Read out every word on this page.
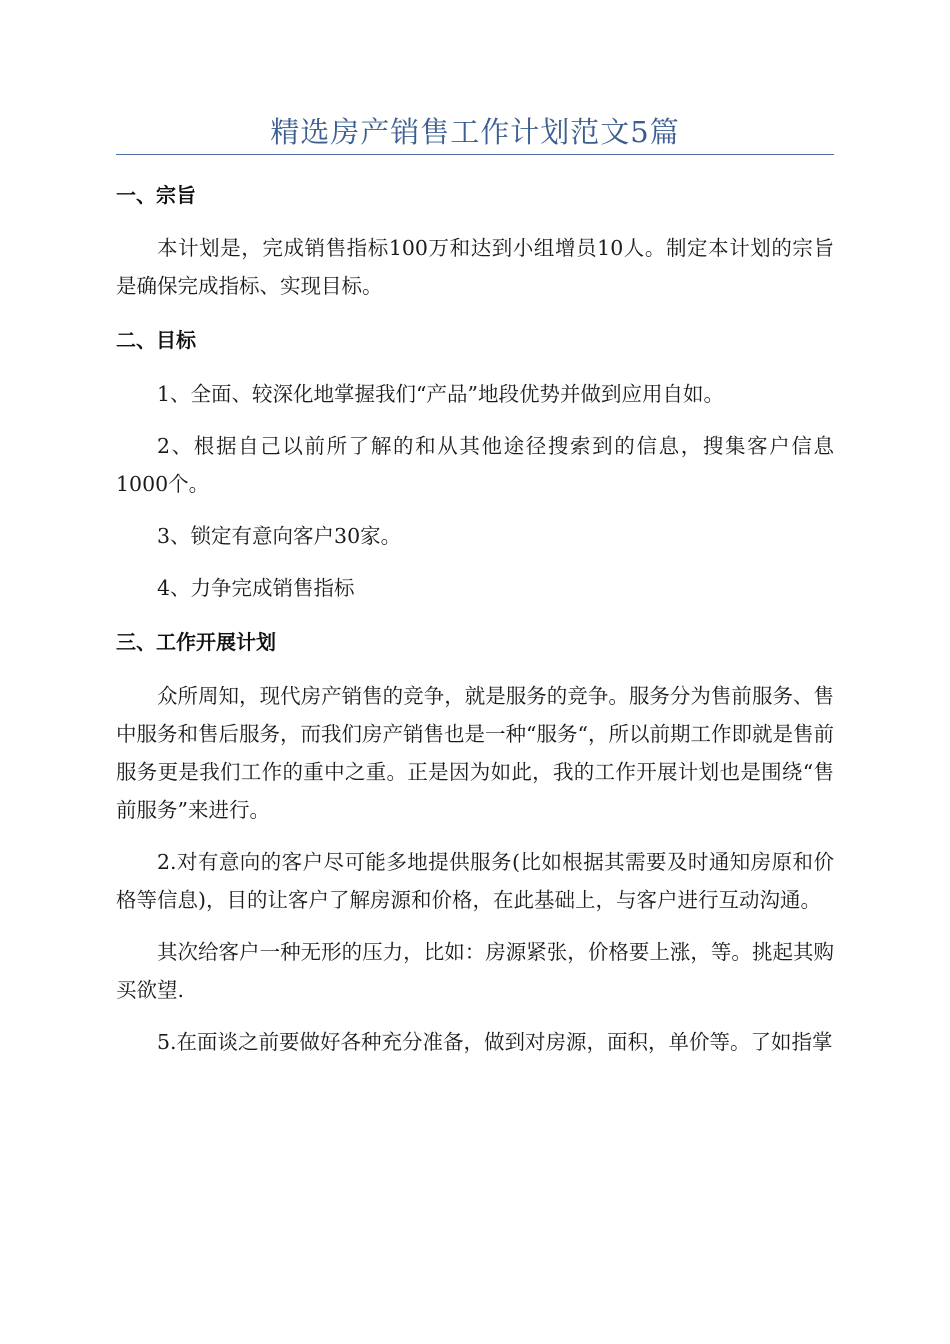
精选房产销售工作计划范文5篇
一、宗旨

本计划是，完成销售指标100万和达到小组增员10人。制定本计划的宗旨是确保完成指标、实现目标。

二、目标

1、全面、较深化地掌握我们“产品”地段优势并做到应用自如。

2、根据自己以前所了解的和从其他途径搜索到的信息，搜集客户信息1000个。

3、锁定有意向客户30家。

4、力争完成销售指标

三、工作开展计划

众所周知，现代房产销售的竞争，就是服务的竞争。服务分为售前服务、售中服务和售后服务，而我们房产销售也是一种“服务“，所以前期工作即就是售前服务更是我们工作的重中之重。正是因为如此，我的工作开展计划也是围绕“售前服务”来进行。

2.对有意向的客户尽可能多地提供服务(比如根据其需要及时通知房原和价格等信息)，目的让客户了解房源和价格，在此基础上，与客户进行互动沟通。

其次给客户一种无形的压力，比如：房源紧张，价格要上涨，等。挑起其购买欲望.

5.在面谈之前要做好各种充分准备，做到对房源，面积，单价等。了如指掌
